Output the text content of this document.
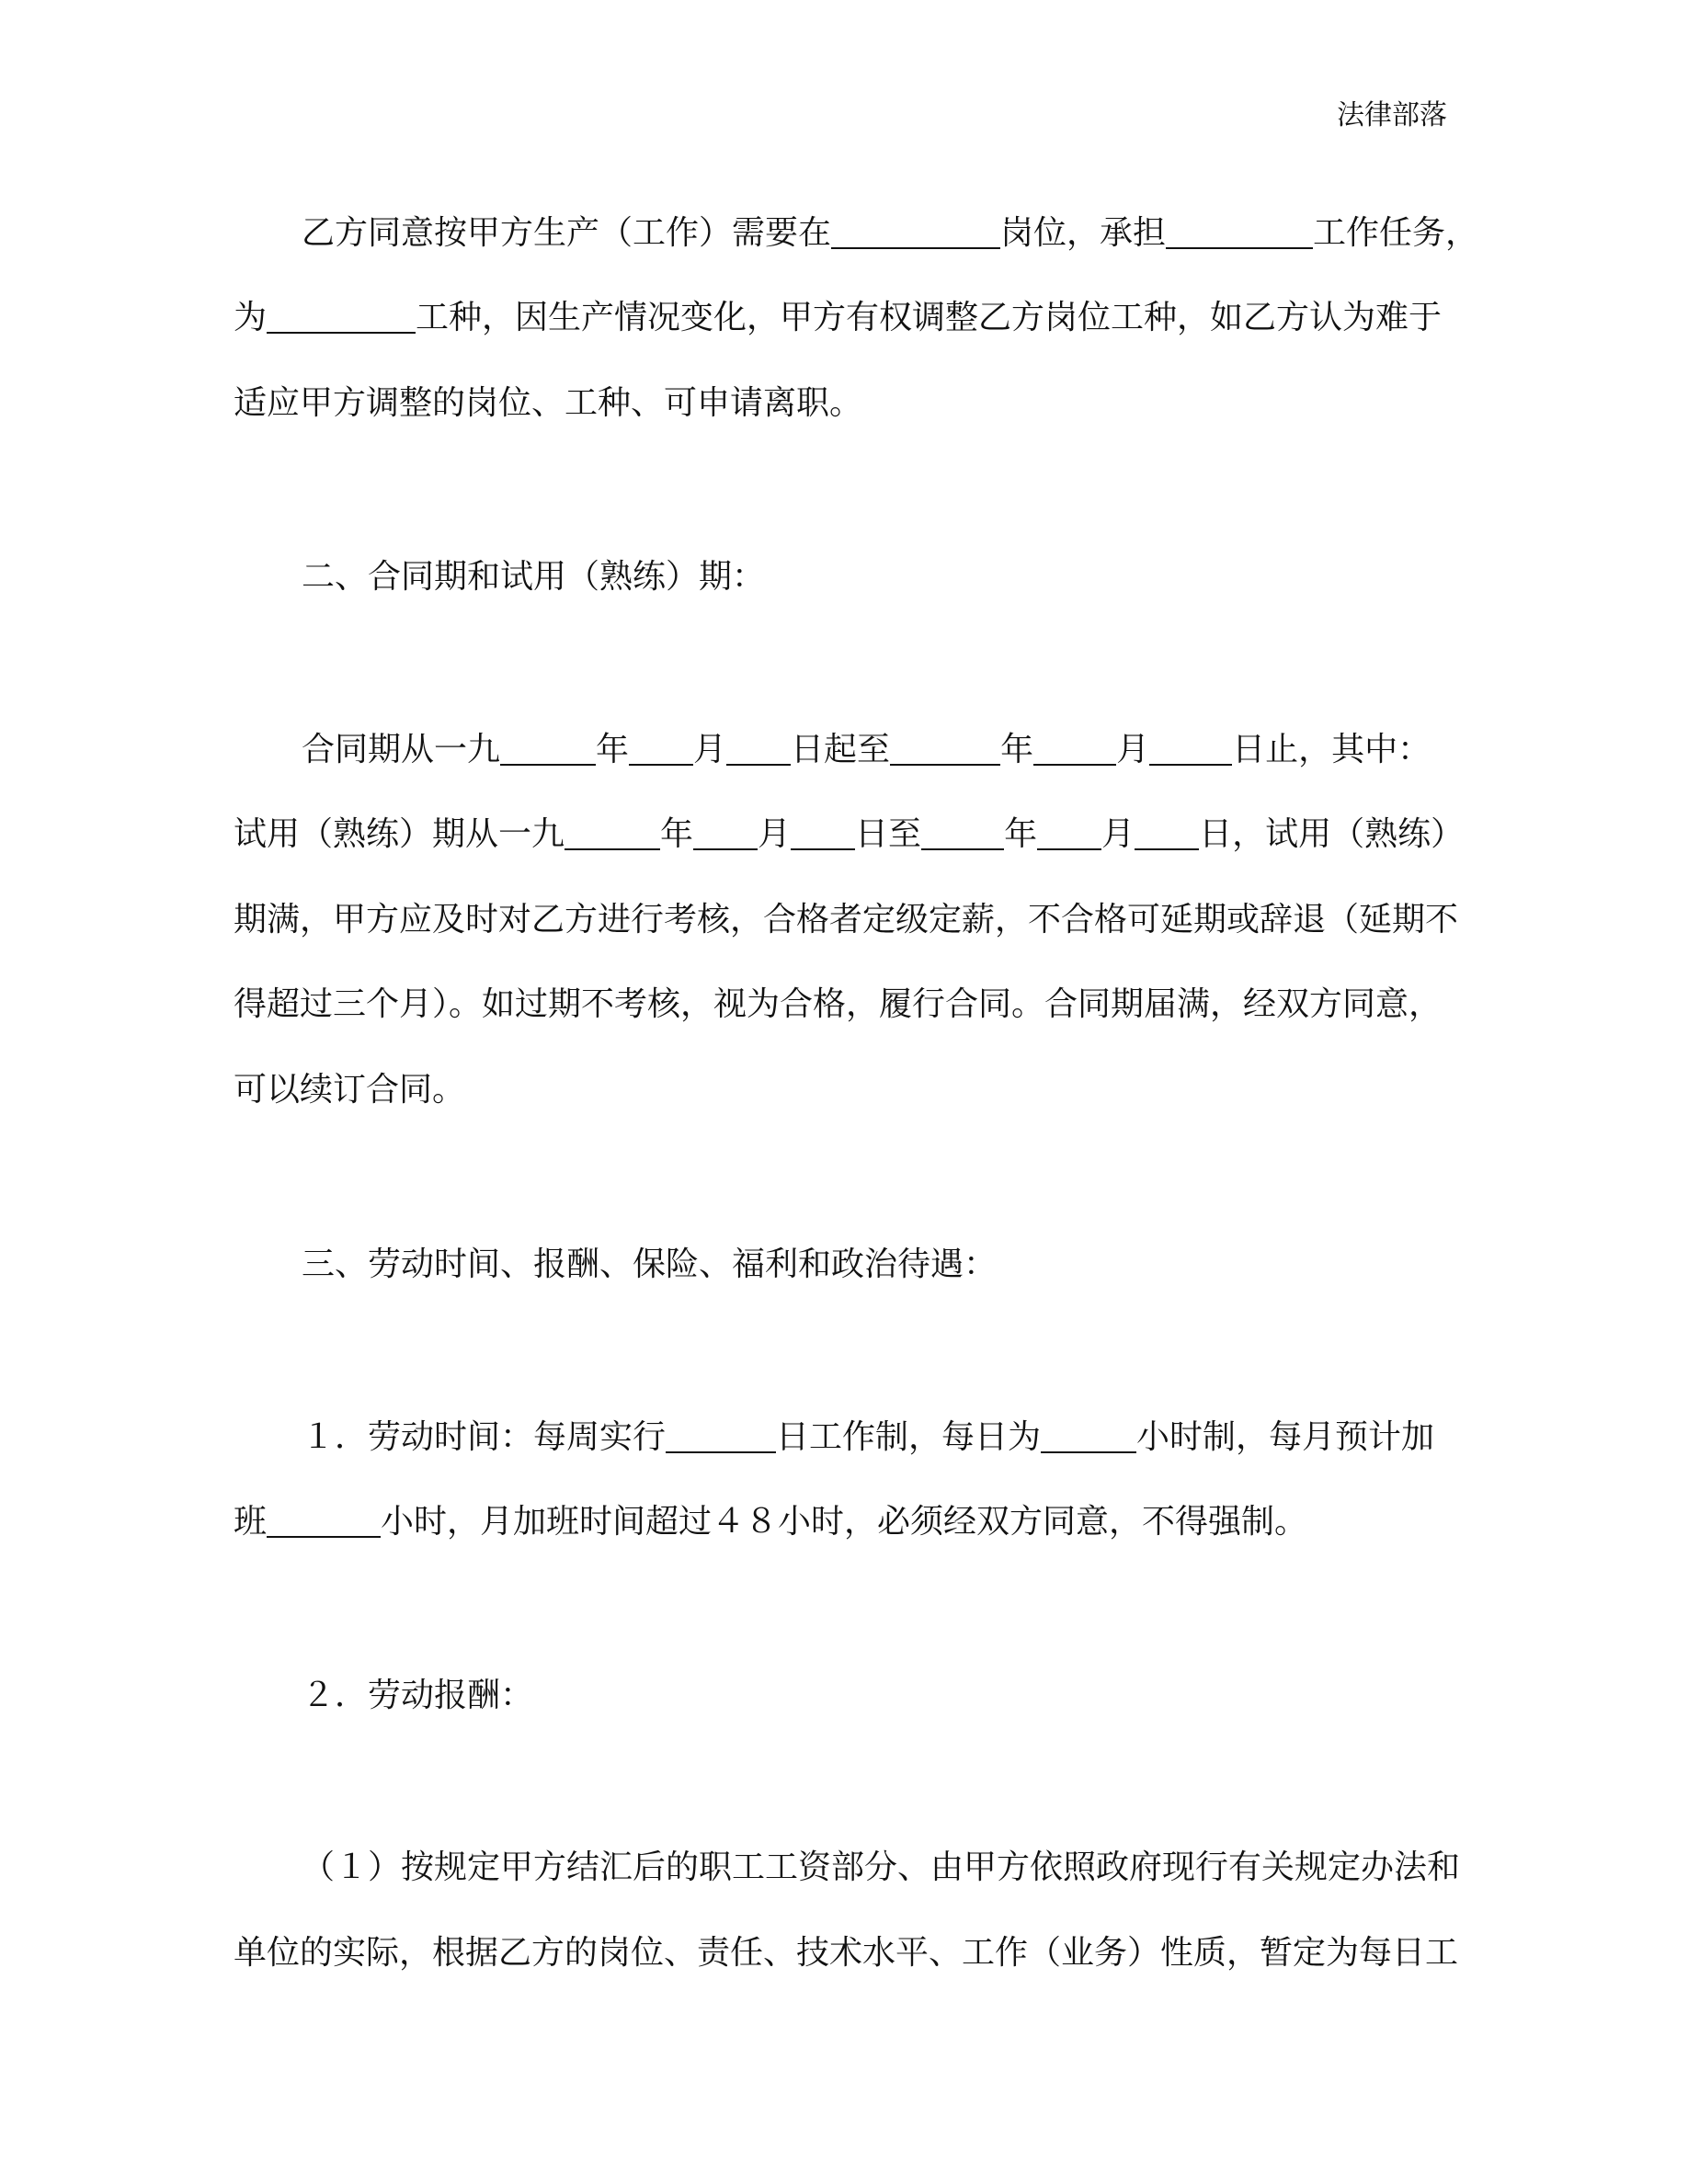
法律部落
乙方同意按甲方生产（工作）需要在	岗位，承担	工作任务，
为	工种，因生产情况变化，甲方有权调整乙方岗位工种，如乙方认为难于
适应甲方调整的岗位、工种、可申请离职。
二、合同期和试用（熟练）期：
合同期从一九	年 月 日起至	年	月	日止，其中：
试用（熟练）期从一九	年 月 日至	年 月 日，试用（熟练）
期满，甲方应及时对乙方进行考核，合格者定级定薪，不合格可延期或辞退（延期不
得超过三个月）。如过期不考核，视为合格，履行合同。合同期届满，经双方同意，
可以续订合同。
三、劳动时间、报酬、保险、福利和政治待遇：
１．劳动时间：每周实行	日工作制，每日为	小时制，每月预计加
班	小时，月加班时间超过４８小时，必须经双方同意，不得强制。
２．劳动报酬：
（１）按规定甲方结汇后的职工工资部分、由甲方依照政府现行有关规定办法和
单位的实际，根据乙方的岗位、责任、技术水平、工作（业务）性质，暂定为每日工
